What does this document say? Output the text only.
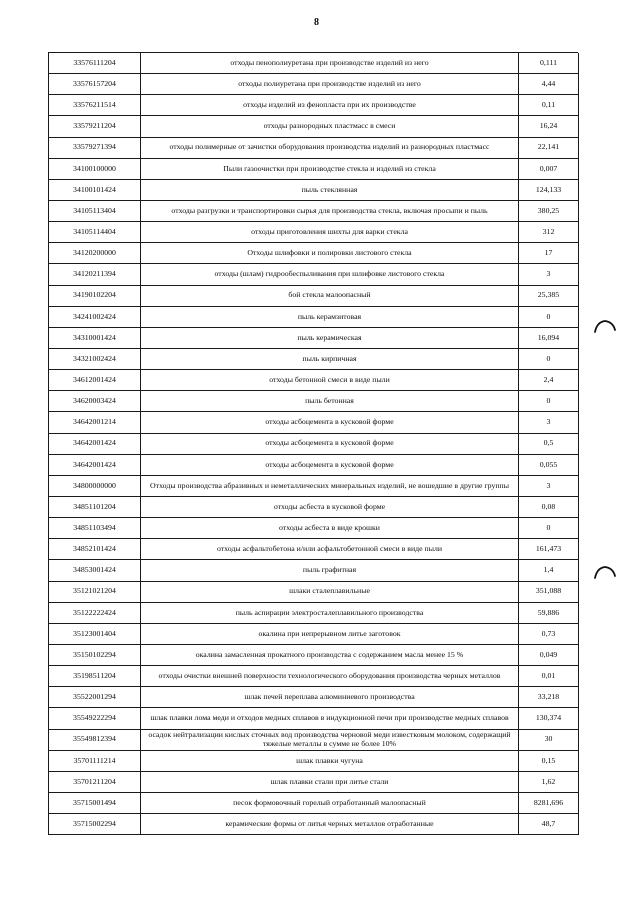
8
33576111204	отходы пенополиуретана при производстве изделий из него	0,111
33576157204	отходы полиуретана при производстве изделий из него	4,44
33576211514	отходы изделий из фенопласта при их производстве	0,11
33579211204	отходы разнородных пластмасс в смеси	16,24
33579271394	отходы полимерные от зачистки оборудования производства изделий из разнородных пластмасс	22,141
34100100000	Пыли газоочистки при производстве стекла и изделий из стекла	0,007
34100101424	пыль стеклянная	124,133
34105113404	отходы разгрузки и транспортировки сырья для производства стекла, включая просыпи и пыль	380,25
34105114404	отходы приготовления шихты для варки стекла	312
34120200000	Отходы шлифовки и полировки листового стекла	17
34120211394	отходы (шлам) гидрообеспыливания при шлифовке листового стекла	3
34190102204	бой стекла малоопасный	25,385
34241002424	пыль керамзитовая	0
34310001424	пыль керамическая	16,094
34321002424	пыль кирпичная	0
34612001424	отходы бетонной смеси в виде пыли	2,4
34620003424	пыль бетонная	0
34642001214	отходы асбоцемента в кусковой форме	3
34642001424	отходы асбоцемента в кусковой форме	0,5
34642001424	отходы асбоцемента в кусковой форме	0,055
34800000000	Отходы производства абразивных и неметаллических минеральных изделий, не вошедшие в другие группы	3
34851101204	отходы асбеста в кусковой форме	0,08
34851103494	отходы асбеста в виде крошки	0
34852101424	отходы асфальтобетона и/или асфальтобетонной смеси в виде пыли	161,473
34853001424	пыль графитная	1,4
35121021204	шлаки сталеплавильные	351,088
35122222424	пыль аспирации электросталеплавильного производства	59,886
35123001404	окалина при непрерывном литье заготовок	0,73
35150102294	окалина замасленная прокатного производства с содержанием масла менее 15 %	0,049
35198511204	отходы очистки внешней поверхности технологического оборудования производства черных металлов	0,01
35522001294	шлак печей переплава алюминиевого производства	33,218
35549222294	шлак плавки лома меди и отходов медных сплавов в индукционной печи при производстве медных сплавов	130,374
35549812394	осадок нейтрализации кислых сточных вод производства черновой меди известковым молоком, содержащий тяжелые металлы в сумме не более 10%	30
35701111214	шлак плавки чугуна	0,15
35701211204	шлак плавки стали при литье стали	1,62
35715001494	песок формовочный горелый отработанный малоопасный	8281,696
35715002294	керамические формы от литья черных металлов отработанные	48,7
